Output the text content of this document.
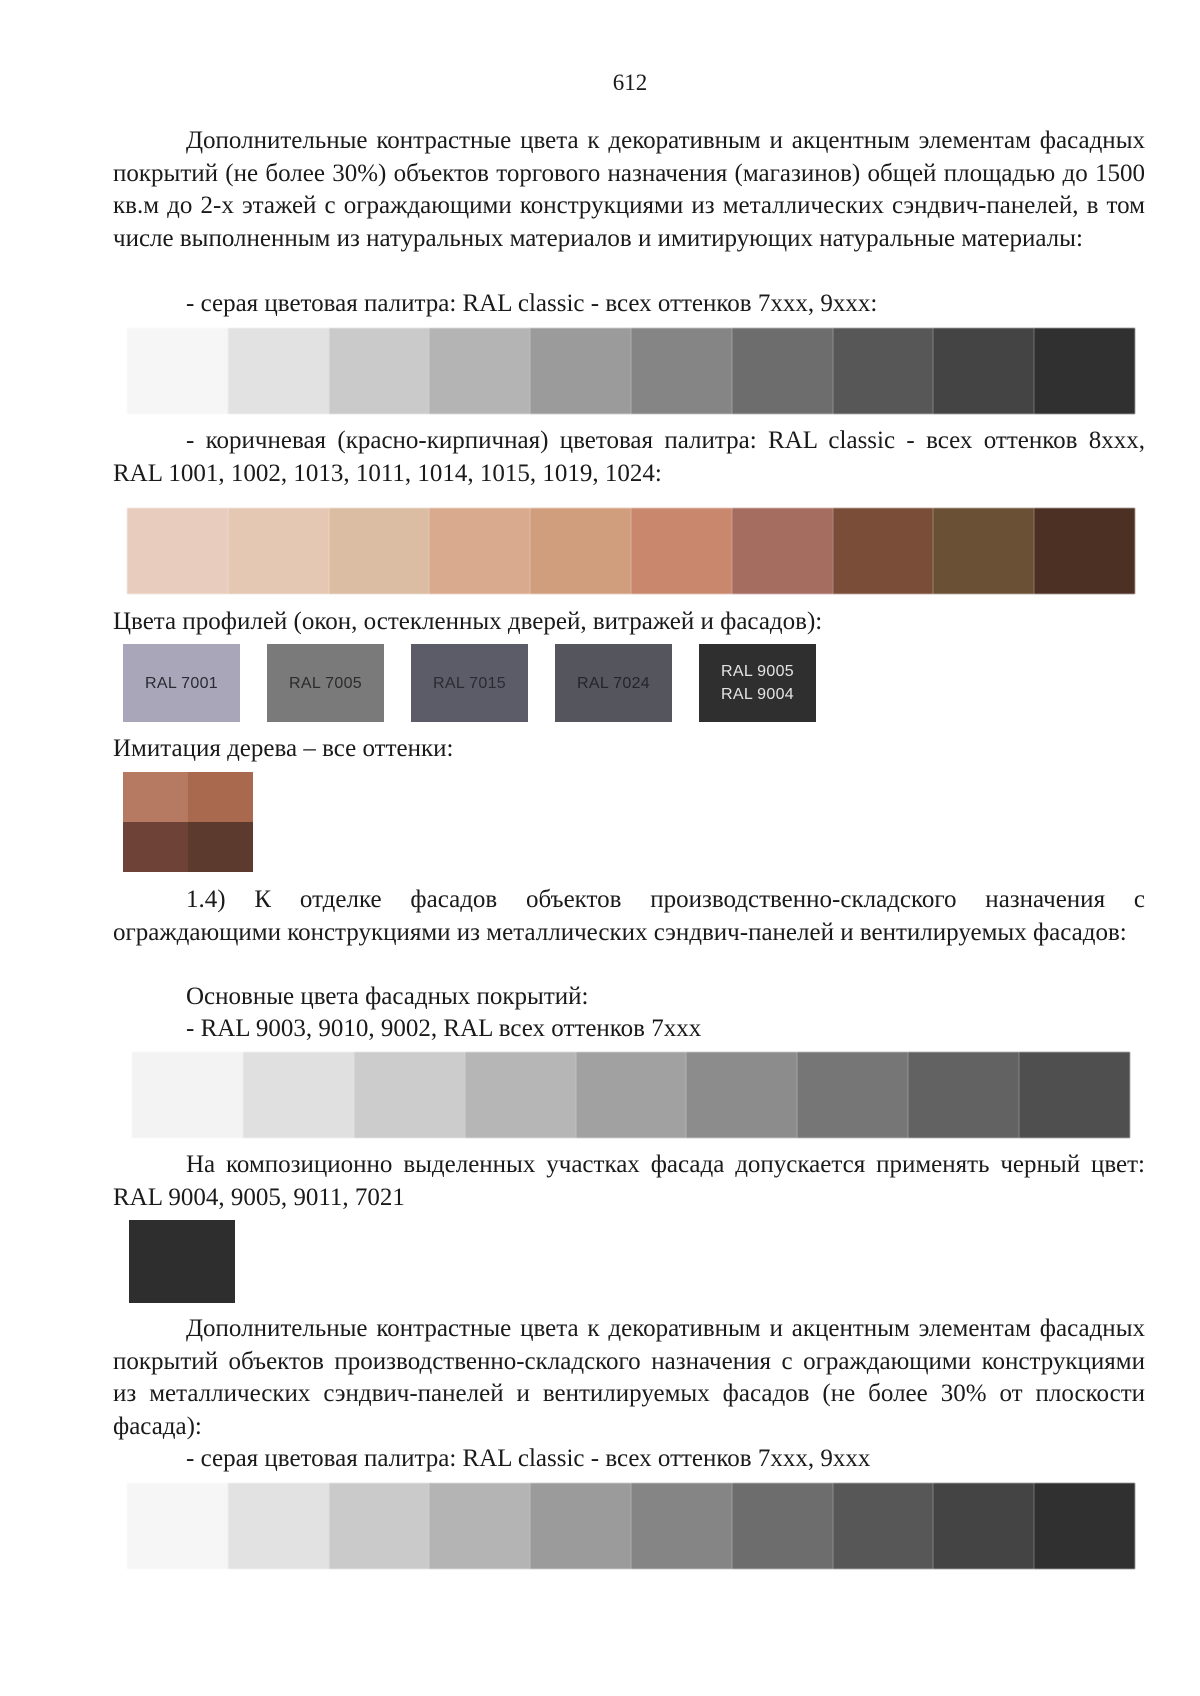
612

Дополнительные контрастные цвета к декоративным и акцентным элементам фасадных покрытий (не более 30%) объектов торгового назначения (магазинов) общей площадью до 1500 кв.м до 2-х этажей с ограждающими конструкциями из металлических сэндвич-панелей, в том числе выполненным из натуральных материалов и имитирующих натуральные материалы:

- серая цветовая палитра: RAL classic - всех оттенков 7ххх, 9ххх:

- коричневая (красно-кирпичная) цветовая палитра: RAL classic - всех оттенков 8ххх, RAL 1001, 1002, 1013, 1011, 1014, 1015, 1019, 1024:

Цвета профилей (окон, остекленных дверей, витражей и фасадов):

RAL 7001	RAL 7005	RAL 7015	RAL 7024
RAL 9005
RAL 9004

Имитация дерева – все оттенки:

1.4) К отделке фасадов объектов производственно-складского назначения с ограждающими конструкциями из металлических сэндвич-панелей и вентилируемых фасадов:

Основные цвета фасадных покрытий:

- RAL 9003, 9010, 9002, RAL всех оттенков 7ххх

На композиционно выделенных участках фасада допускается применять черный цвет: RAL 9004, 9005, 9011, 7021

Дополнительные контрастные цвета к декоративным и акцентным элементам фасадных покрытий объектов производственно-складского назначения с ограждающими конструкциями из металлических сэндвич-панелей и вентилируемых фасадов (не более 30% от плоскости фасада):

- серая цветовая палитра: RAL classic - всех оттенков 7ххх, 9ххх
